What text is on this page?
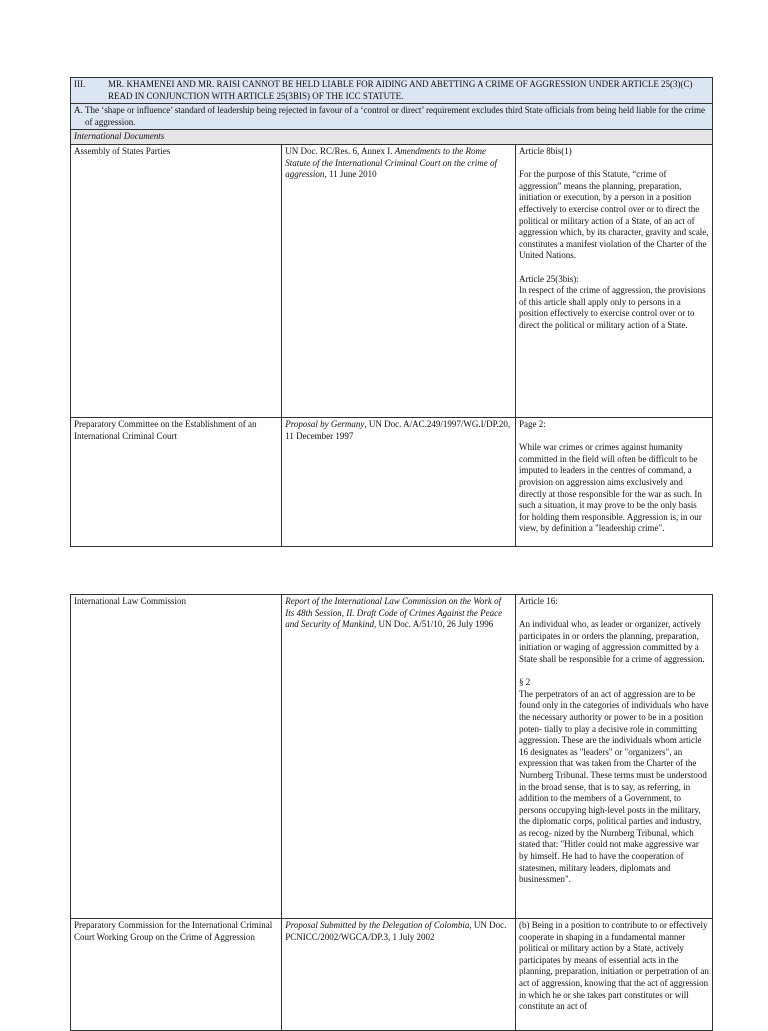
III. MR. KHAMENEI AND MR. RAISI CANNOT BE HELD LIABLE FOR AIDING AND ABETTING A CRIME OF AGGRESSION UNDER ARTICLE 25(3)(C) READ IN CONJUNCTION WITH ARTICLE 25(3BIS) OF THE ICC STATUTE.		

A. The ‘shape or influence’ standard of leadership being rejected in favour of a ‘control or direct’ requirement excludes third State officials from being held liable for the crime of aggression.		

International Documents		
Assembly of States Parties	UN Doc. RC/Res. 6, Annex I. Amendments to the Rome Statute of the International Criminal Court on the crime of aggression, 11 June 2010	Article 8bis(1)
For the purpose of this Statute, “crime of aggression” means the planning, preparation, initiation or execution, by a person in a position effectively to exercise control over or to direct the political or military action of a State, of an act of aggression which, by its character, gravity and scale, constitutes a manifest violation of the Charter of the United Nations.
Article 25(3bis):
In respect of the crime of aggression, the provisions of this article shall apply only to persons in a position effectively to exercise control over or to direct the political or military action of a State.

Preparatory Committee on the Establishment of an International Criminal Court	Proposal by Germany, UN Doc. A/AC.249/1997/WG.I/DP.20, 11 December 1997	Page 2:
While war crimes or crimes against humanity committed in the field will often be difficult to be imputed to leaders in the centres of command, a provision on aggression aims exclusively and directly at those responsible for the war as such. In such a situation, it may prove to be the only basis for holding them responsible. Aggression is, in our view, by definition a "leadership crime".
International Law Commission	Report of the International Law Commission on the Work of Its 48th Session, II. Draft Code of Crimes Against the Peace and Security of Mankind, UN Doc. A/51/10, 26 July 1996	Article 16:
An individual who, as leader or organizer, actively participates in or orders the planning, preparation, initiation or waging of aggression committed by a State shall be responsible for a crime of aggression.
§ 2
The perpetrators of an act of aggression are to be found only in the categories of individuals who have the necessary authority or power to be in a position poten- tially to play a decisive role in committing aggression. These are the individuals whom article 16 designates as "leaders" or "organizers", an expression that was taken from the Charter of the Nurnberg Tribunal. These terms must be understood in the broad sense, that is to say, as referring, in addition to the members of a Government, to persons occupying high-level posts in the military, the diplomatic corps, political parties and industry, as recog- nized by the Nurnberg Tribunal, which stated that: "Hitler could not make aggressive war by himself. He had to have the cooperation of statesmen, military leaders, diplomats and businessmen".

Preparatory Commission for the International Criminal Court Working Group on the Crime of Aggression	Proposal Submitted by the Delegation of Colombia, UN Doc. PCNICC/2002/WGCA/DP.3, 1 July 2002	(b) Being in a position to contribute to or effectively cooperate in shaping in a fundamental manner political or military action by a State, actively participates by means of essential acts in the planning, preparation, initiation or perpetration of an act of aggression, knowing that the act of aggression in which he or she takes part constitutes or will constitute an act of
